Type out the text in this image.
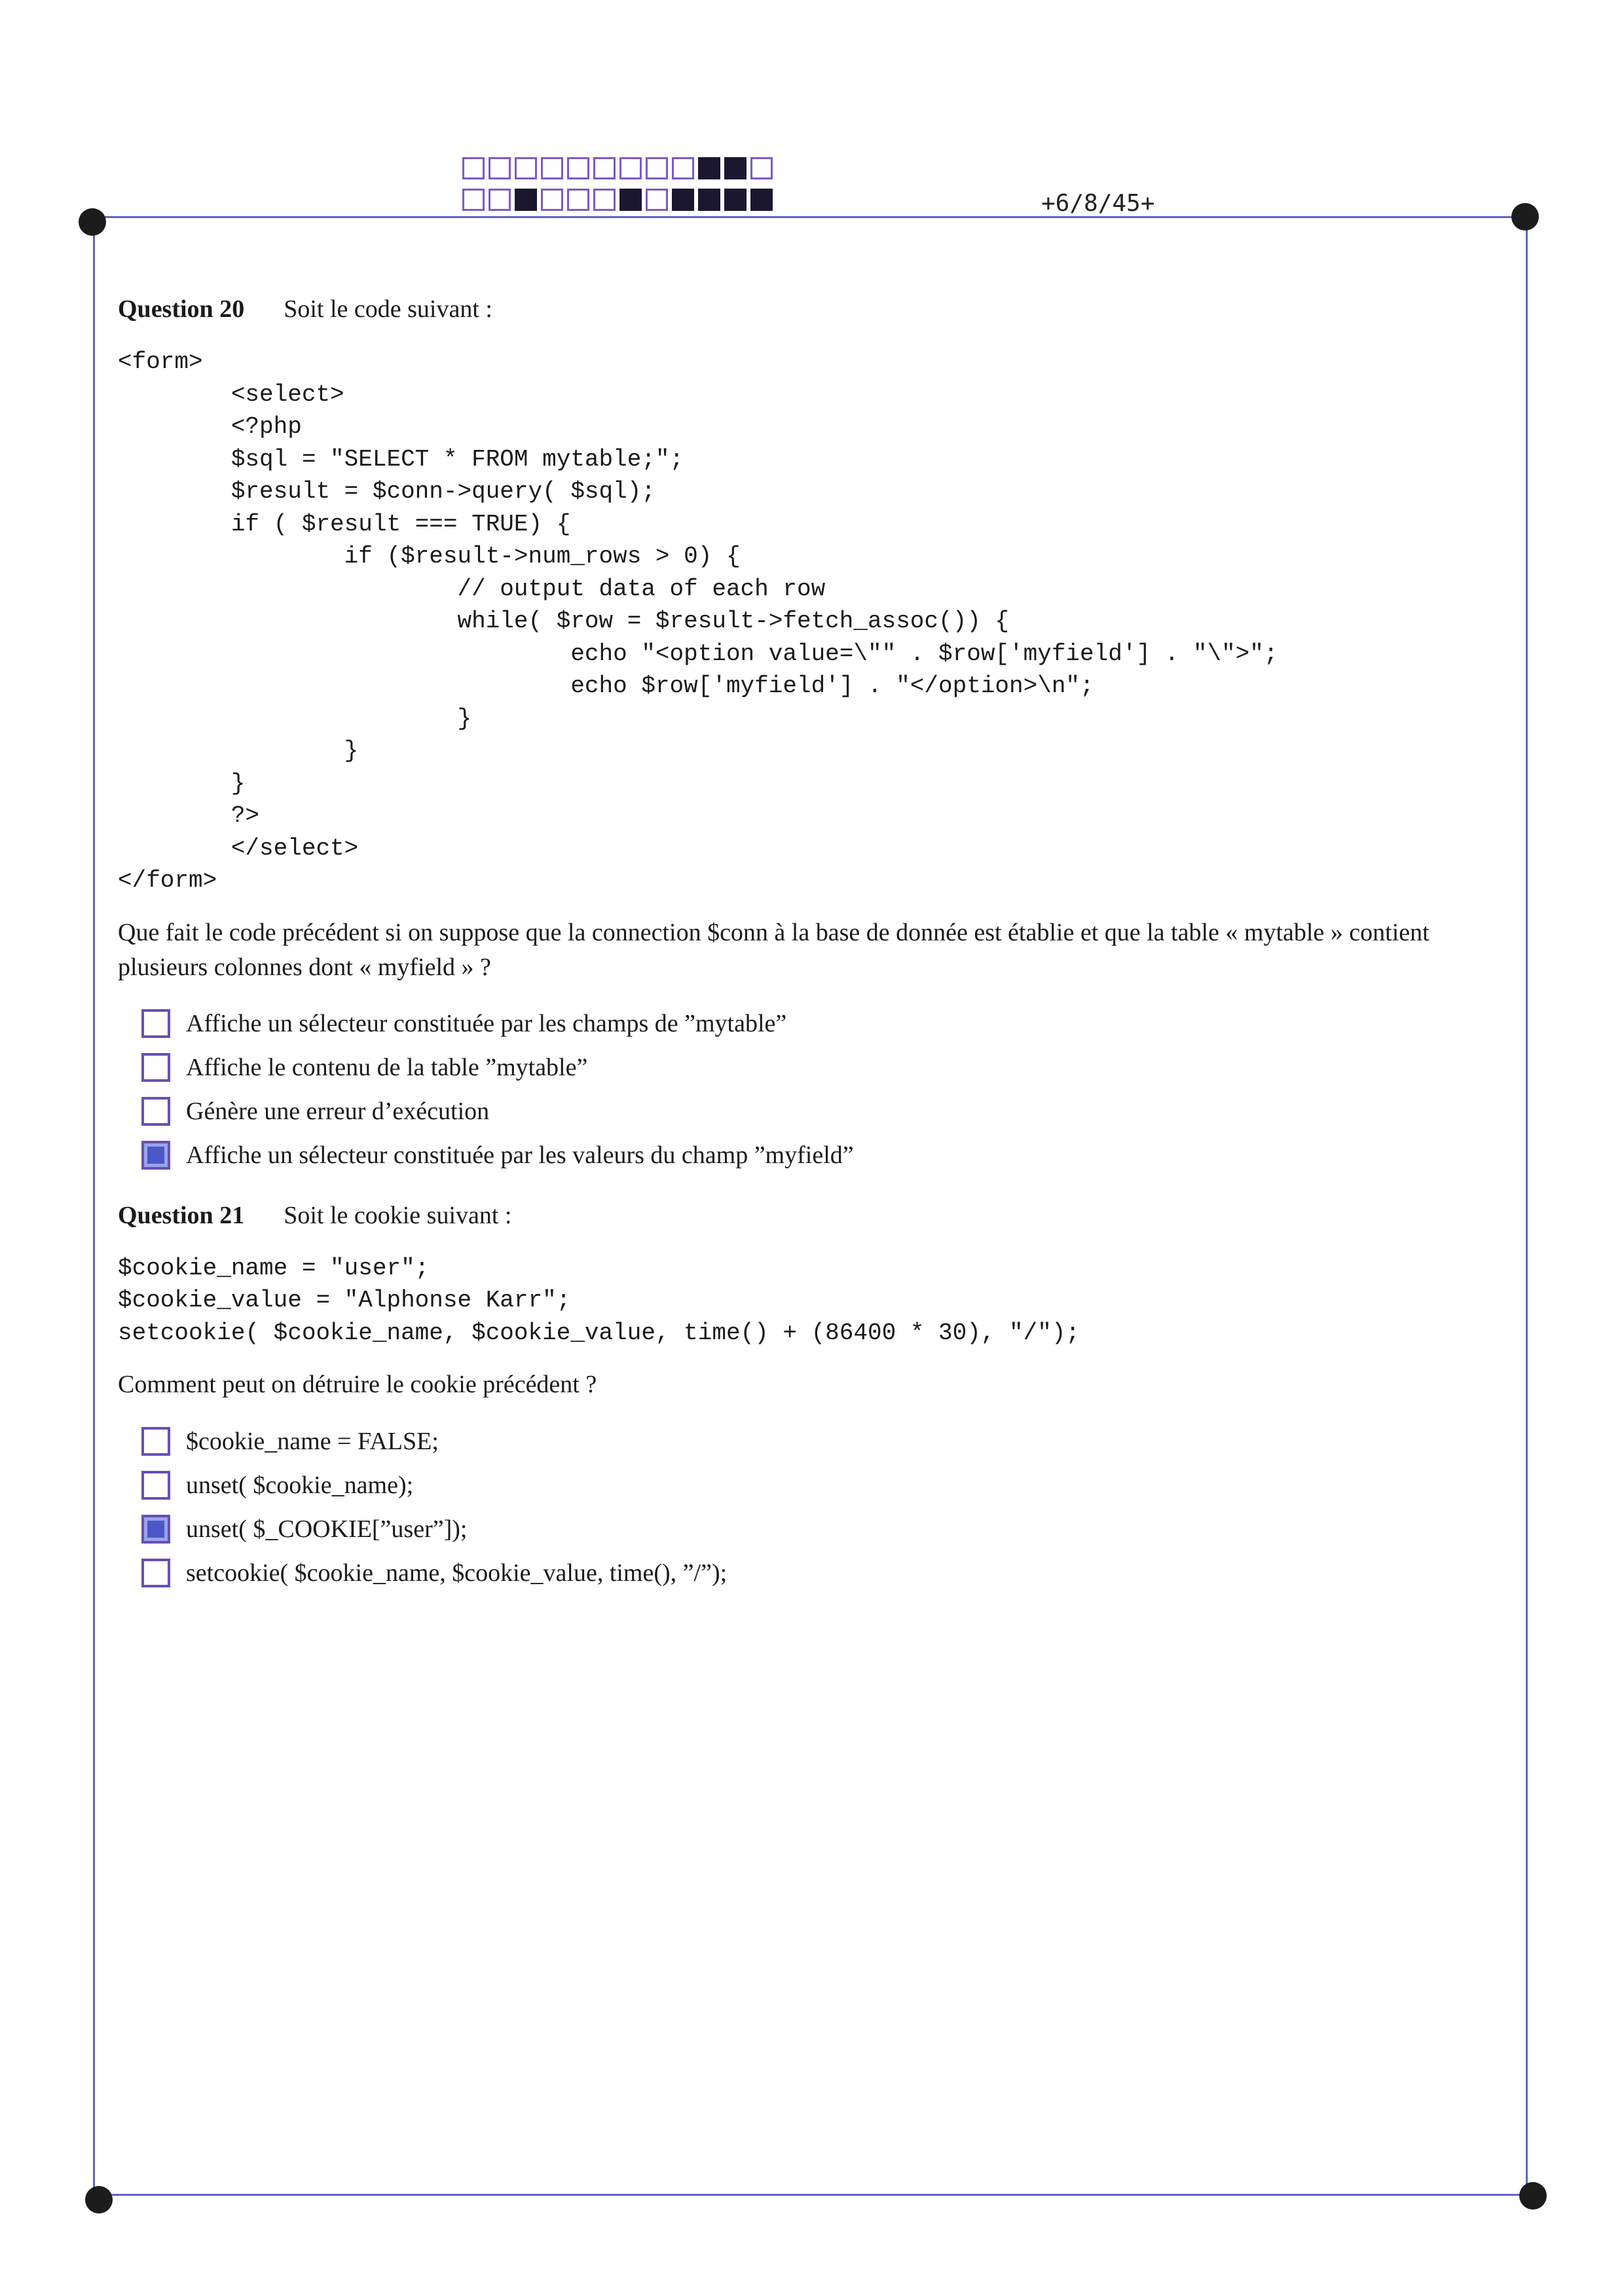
+6/8/45+

Question 20 Soit le code suivant :

<form>
<select>
<?php
$sql = "SELECT * FROM mytable;";
$result = $conn->query( $sql);
if ( $result === TRUE) {
if ($result->num_rows > 0) {
// output data of each row
while( $row = $result->fetch_assoc()) {
echo "<option value=\"" . $row['myfield'] . "\">";
echo $row['myfield'] . "</option>\n";
}
}
}
?>
</select>
</form>

Que fait le code précédent si on suppose que la connection $conn à la base de donnée est établie et que la table « mytable » contient plusieurs colonnes dont « myfield » ?

Affiche un sélecteur constituée par les champs de ”mytable”
Affiche le contenu de la table ”mytable”
Génère une erreur d’exécution
Affiche un sélecteur constituée par les valeurs du champ ”myfield”

Question 21 Soit le cookie suivant :

$cookie_name = "user";
$cookie_value = "Alphonse Karr";
setcookie( $cookie_name, $cookie_value, time() + (86400 * 30), "/");

Comment peut on détruire le cookie précédent ?

$cookie_name = FALSE;
unset( $cookie_name);
unset( $_COOKIE[”user”]);
setcookie( $cookie_name, $cookie_value, time(), ”/”);
